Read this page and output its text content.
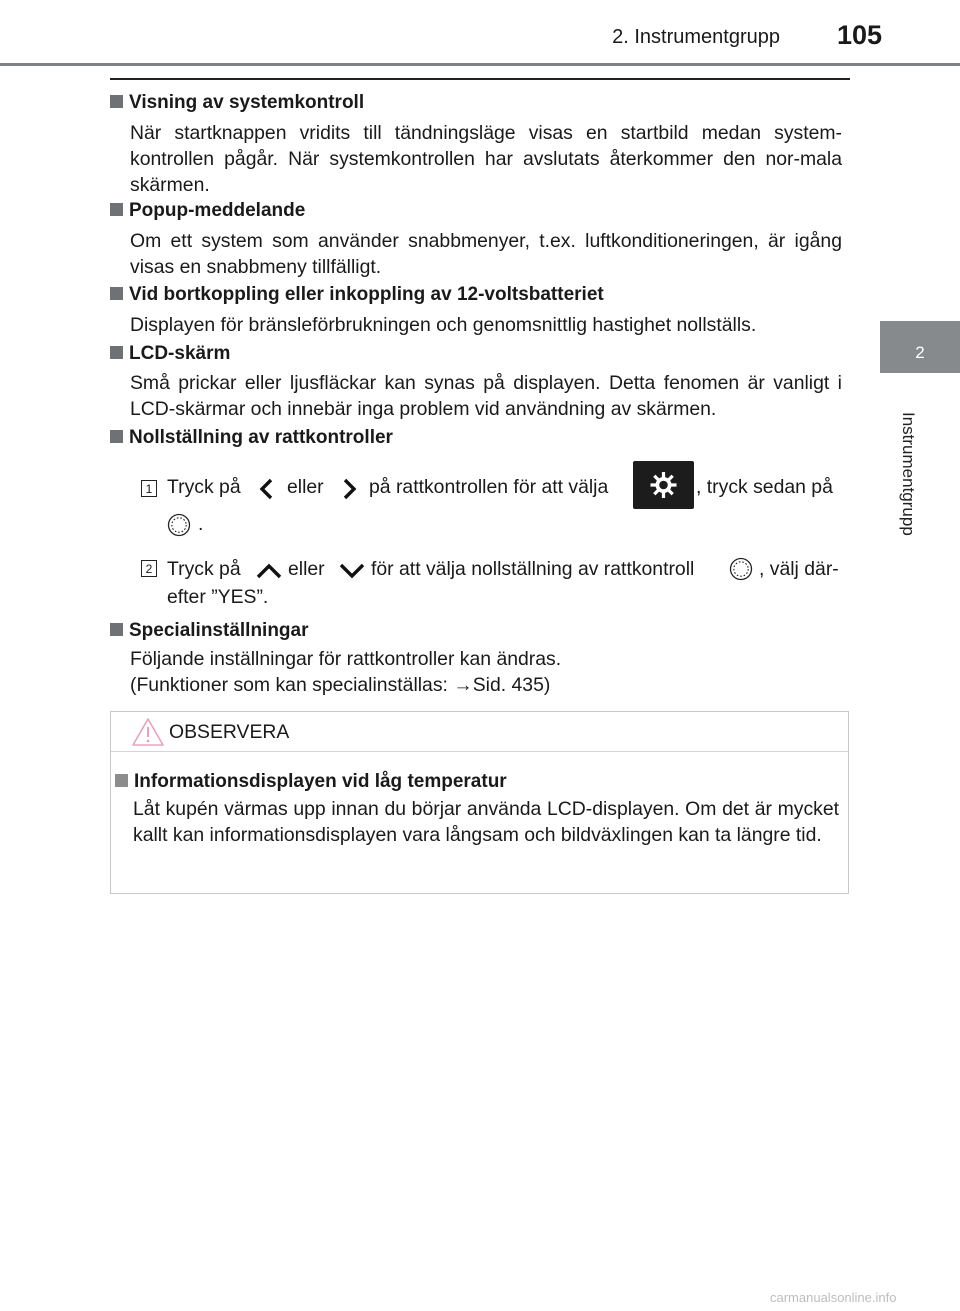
2. Instrumentgrupp	105
2
Instrumentgrupp
Visning av systemkontroll

När startknappen vridits till tändningsläge visas en startbild medan system-kontrollen pågår. När systemkontrollen har avslutats återkommer den nor-mala skärmen.

Popup-meddelande

Om ett system som använder snabbmenyer, t.ex. luftkonditioneringen, är igång visas en snabbmeny tillfälligt.

Vid bortkoppling eller inkoppling av 12-voltsbatteriet

Displayen för bränsleförbrukningen och genomsnittlig hastighet nollställs.

LCD-skärm

Små prickar eller ljusfläckar kan synas på displayen. Detta fenomen är vanligt i LCD-skärmar och innebär inga problem vid användning av skärmen.

Nollställning av rattkontroller
1 Tryck på eller på rattkontrollen för att välja	, tryck sedan på
.
2 Tryck på eller för att välja nollställning av rattkontroll	, välj där-
efter ”YES”.
Specialinställningar
Följande inställningar för rattkontroller kan ändras.
(Funktioner som kan specialinställas: →Sid. 435)
OBSERVERA
Informationsdisplayen vid låg temperatur

Låt kupén värmas upp innan du börjar använda LCD-displayen. Om det är mycket kallt kan informationsdisplayen vara långsam och bildväxlingen kan ta längre tid.

carmanualsonline.info
